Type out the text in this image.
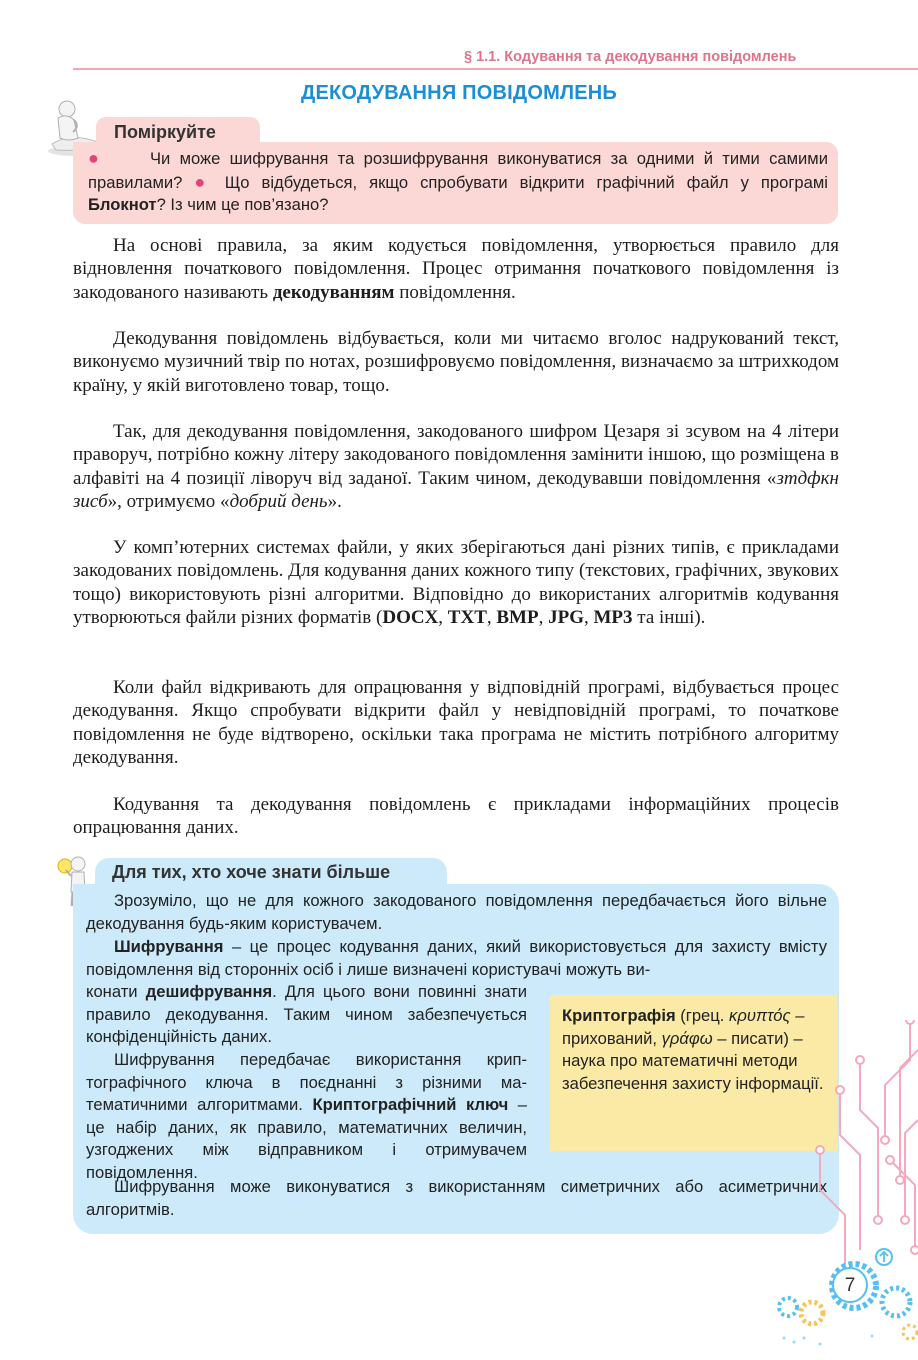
§ 1.1. Кодування та декодування повідомлень
ДЕКОДУВАННЯ ПОВІДОМЛЕНЬ
Поміркуйте
●	Чи може шифрування та розшифрування виконуватися за одними й тими самими правилами? ● Що відбудеться, якщо спробувати відкрити графічний файл у програмі Блокнот? Із чим це пов’язано?

На основі правила, за яким кодується повідомлення, утворюється правило для відновлення початкового повідомлення. Процес отримання початкового повідомлення із закодованого називають декодуванням повідомлення.

Декодування повідомлень відбувається, коли ми читаємо вголос надрукований текст, виконуємо музичний твір по нотах, розшифровуємо повідомлення, визначаємо за штрихкодом країну, у якій виготовлено товар, тощо.

Так, для декодування повідомлення, закодованого шифром Цезаря зі зсувом на 4 літери праворуч, потрібно кожну літеру закодованого повідомлення замінити іншою, що розміщена в алфавіті на 4 позиції ліворуч від заданої. Таким чином, декодувавши повідомлення «зтдфкн зисб», отримуємо «добрий день».

У комп’ютерних системах файли, у яких зберігаються дані різних типів, є прикладами закодованих повідомлень. Для кодування даних кожного типу (текстових, графічних, звукових тощо) використовують різні алгоритми. Відповідно до використаних алгоритмів кодування утворюються файли різних форматів (DOCX, TXT, BMP, JPG, MP3 та інші).

Коли файл відкривають для опрацювання у відповідній програмі, відбувається процес декодування. Якщо спробувати відкрити файл у невідповідній програмі, то початкове повідомлення не буде відтворено, оскільки така програма не містить потрібного алгоритму декодування.

Кодування та декодування повідомлень є прикладами інформаційних процесів опрацювання даних.

Для тих, хто хоче знати більше

Зрозуміло, що не для кожного закодованого повідомлення передбачається його вільне декодування будь-яким користувачем.

Шифрування – це процес кодування даних, який використовується для захисту вмісту повідомлення від сторонніх осіб і лише визначені користувачі можуть ви-

конати дешифрування. Для цього вони повинні знати правило декодування. Таким чином забезпечується конфіденційність даних.

Шифрування передбачає використання криптографічного ключа в поєднанні з різними математичними алгоритмами. Криптографічний ключ – це набір даних, як правило, математичних величин, узгоджених між відправником і отримувачем повідомлення.

Шифрування може виконуватися з використанням симетричних або асиметричних алгоритмів.

Криптографія (грец. κρυπτός – прихований, γράφω – писати) – наука про математичні методи забезпечення захисту інформації.
7
